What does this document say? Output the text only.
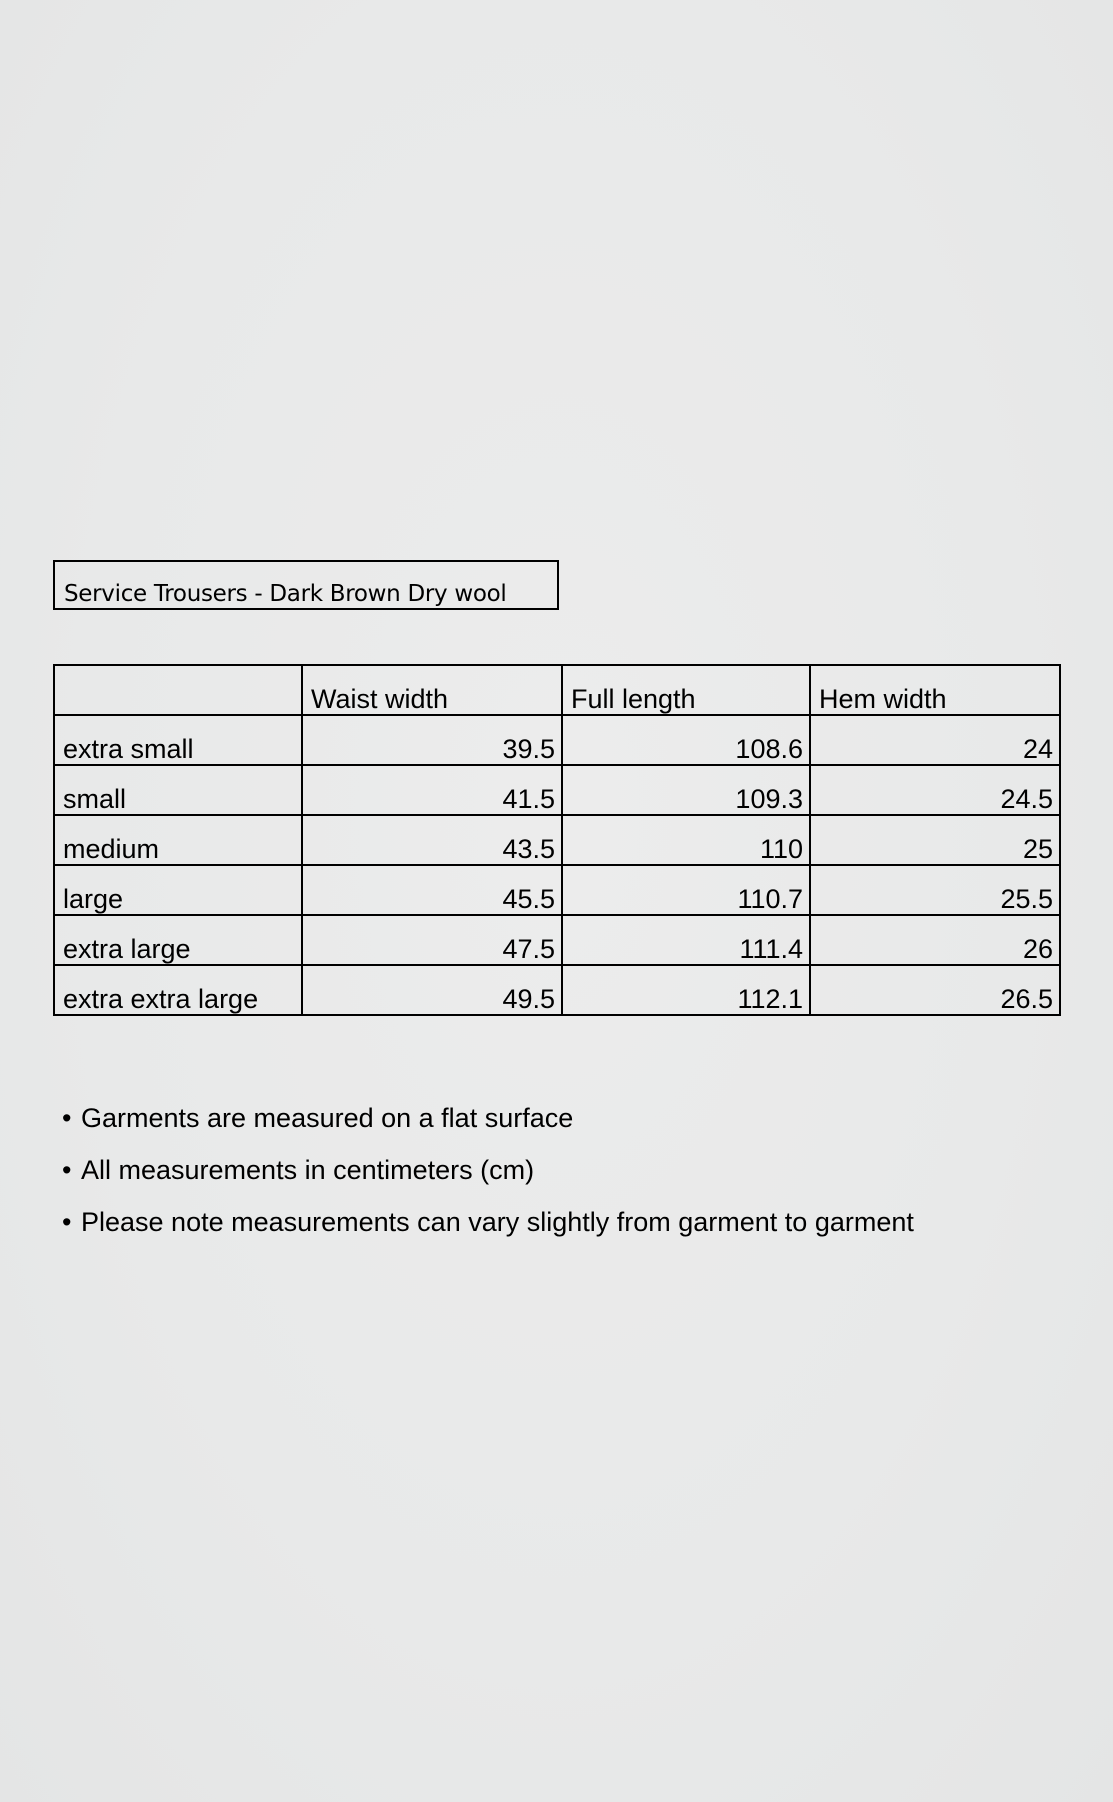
Service Trousers - Dark Brown Dry wool
	Waist width	Full length	Hem width
extra small	39.5	108.6	24
small	41.5	109.3	24.5
medium	43.5	110	25
large	45.5	110.7	25.5
extra large	47.5	111.4	26
extra extra large	49.5	112.1	26.5
• Garments are measured on a flat surface
• All measurements in centimeters (cm)
• Please note measurements can vary slightly from garment to garment
